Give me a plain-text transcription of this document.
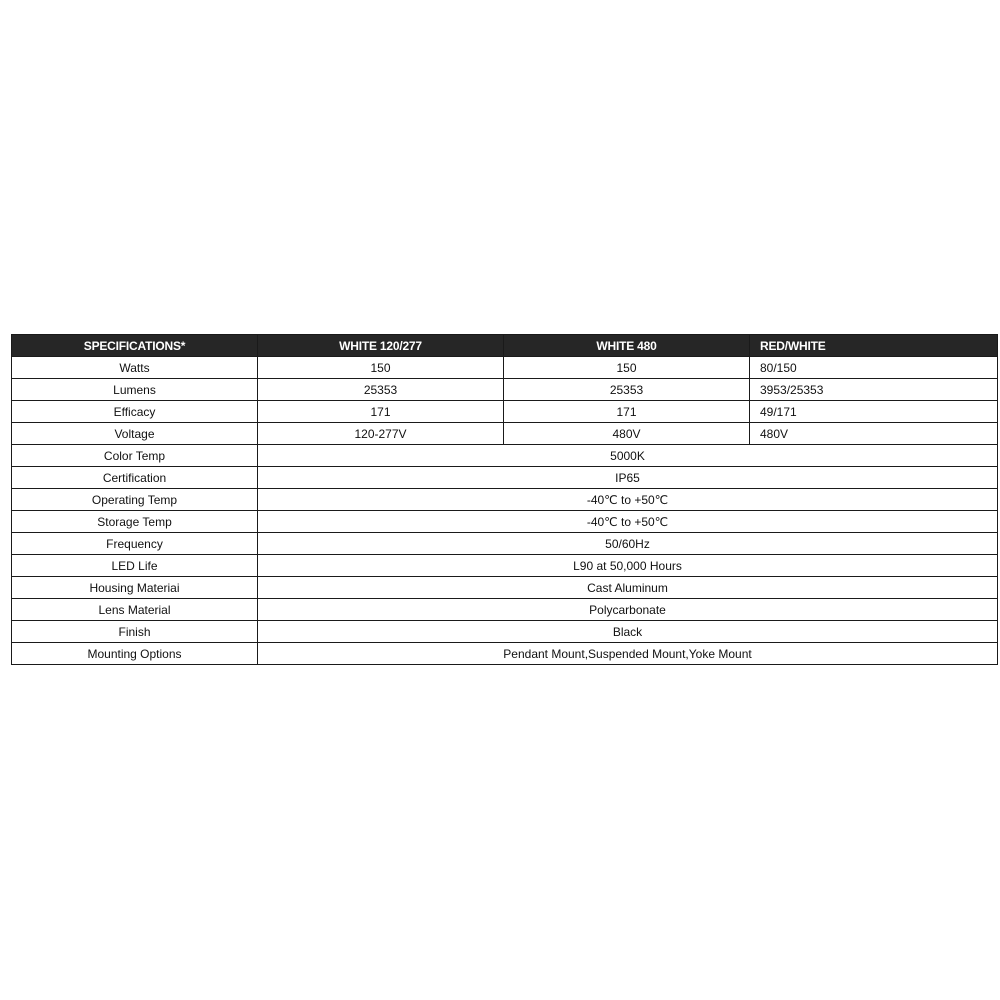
SPECIFICATIONS*	WHITE 120/277	WHITE 480	RED/WHITE
Watts	150	150	80/150
Lumens	25353	25353	3953/25353
Efficacy	171	171	49/171
Voltage	120-277V	480V	480V
Color Temp	5000K		
Certification	IP65		
Operating Temp	-40℃ to +50℃		
Storage Temp	-40℃ to +50℃		
Frequency	50/60Hz		
LED Life	L90 at 50,000 Hours		
Housing Materiai	Cast Aluminum		
Lens Material	Polycarbonate		
Finish	Black		
Mounting Options	Pendant Mount,Suspended Mount,Yoke Mount		
